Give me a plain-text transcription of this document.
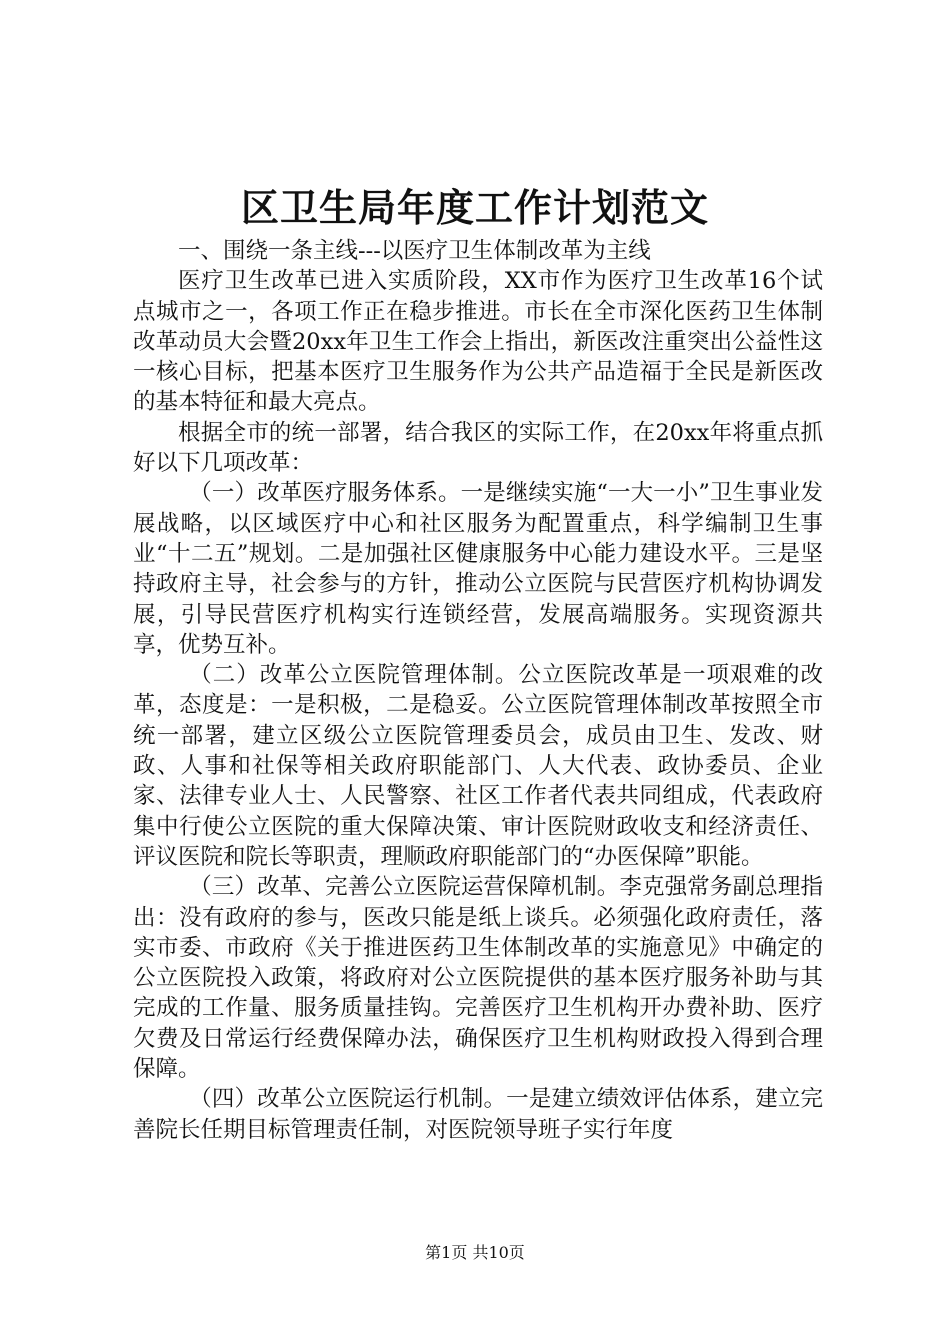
区卫生局年度工作计划范文

一、围绕一条主线---以医疗卫生体制改革为主线

医疗卫生改革已进入实质阶段，XX市作为医疗卫生改革16个试点城市之一，各项工作正在稳步推进。市长在全市深化医药卫生体制改革动员大会暨20xx年卫生工作会上指出，新医改注重突出公益性这一核心目标，把基本医疗卫生服务作为公共产品造福于全民是新医改的基本特征和最大亮点。

根据全市的统一部署，结合我区的实际工作，在20xx年将重点抓好以下几项改革：

（一）改革医疗服务体系。一是继续实施“一大一小”卫生事业发展战略，以区域医疗中心和社区服务为配置重点，科学编制卫生事业“十二五”规划。二是加强社区健康服务中心能力建设水平。三是坚持政府主导，社会参与的方针，推动公立医院与民营医疗机构协调发展，引导民营医疗机构实行连锁经营，发展高端服务。实现资源共享，优势互补。

（二）改革公立医院管理体制。公立医院改革是一项艰难的改革，态度是：一是积极，二是稳妥。公立医院管理体制改革按照全市统一部署，建立区级公立医院管理委员会，成员由卫生、发改、财政、人事和社保等相关政府职能部门、人大代表、政协委员、企业家、法律专业人士、人民警察、社区工作者代表共同组成，代表政府集中行使公立医院的重大保障决策、审计医院财政收支和经济责任、评议医院和院长等职责，理顺政府职能部门的“办医保障”职能。

（三）改革、完善公立医院运营保障机制。李克强常务副总理指出：没有政府的参与，医改只能是纸上谈兵。必须强化政府责任，落实市委、市政府《关于推进医药卫生体制改革的实施意见》中确定的公立医院投入政策，将政府对公立医院提供的基本医疗服务补助与其完成的工作量、服务质量挂钩。完善医疗卫生机构开办费补助、医疗欠费及日常运行经费保障办法，确保医疗卫生机构财政投入得到合理保障。

（四）改革公立医院运行机制。一是建立绩效评估体系，建立完善院长任期目标管理责任制，对医院领导班子实行年度

第1页 共10页
